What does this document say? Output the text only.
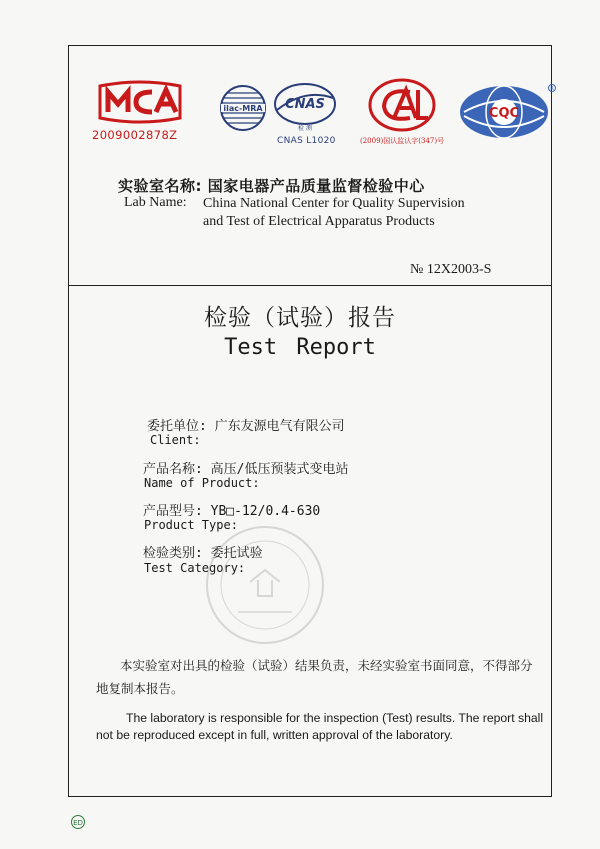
2009002878Z
ilac-MRA CNAS
检 测
CNAS L1020	(2009)国认监认字(347)号
CQC
R
实验室名称: 国家电器产品质量监督检验中心
Lab Name: China National Center for Quality Supervision
and Test of Electrical Apparatus Products
№ 12X2003-S
检验（试验）报告
Test Report
委托单位: 广东友源电气有限公司
Client:
产品名称: 高压/低压预装式变电站
Name of Product:
产品型号: YB□-12/0.4-630
Product Type:
检验类别: 委托试验
Test Category:
本实验室对出具的检验（试验）结果负责，未经实验室书面同意，不得部分地复制本报告。
The laboratory is responsible for the inspection (Test) results. The report shall not be reproduced except in full, written approval of the laboratory.
ED
